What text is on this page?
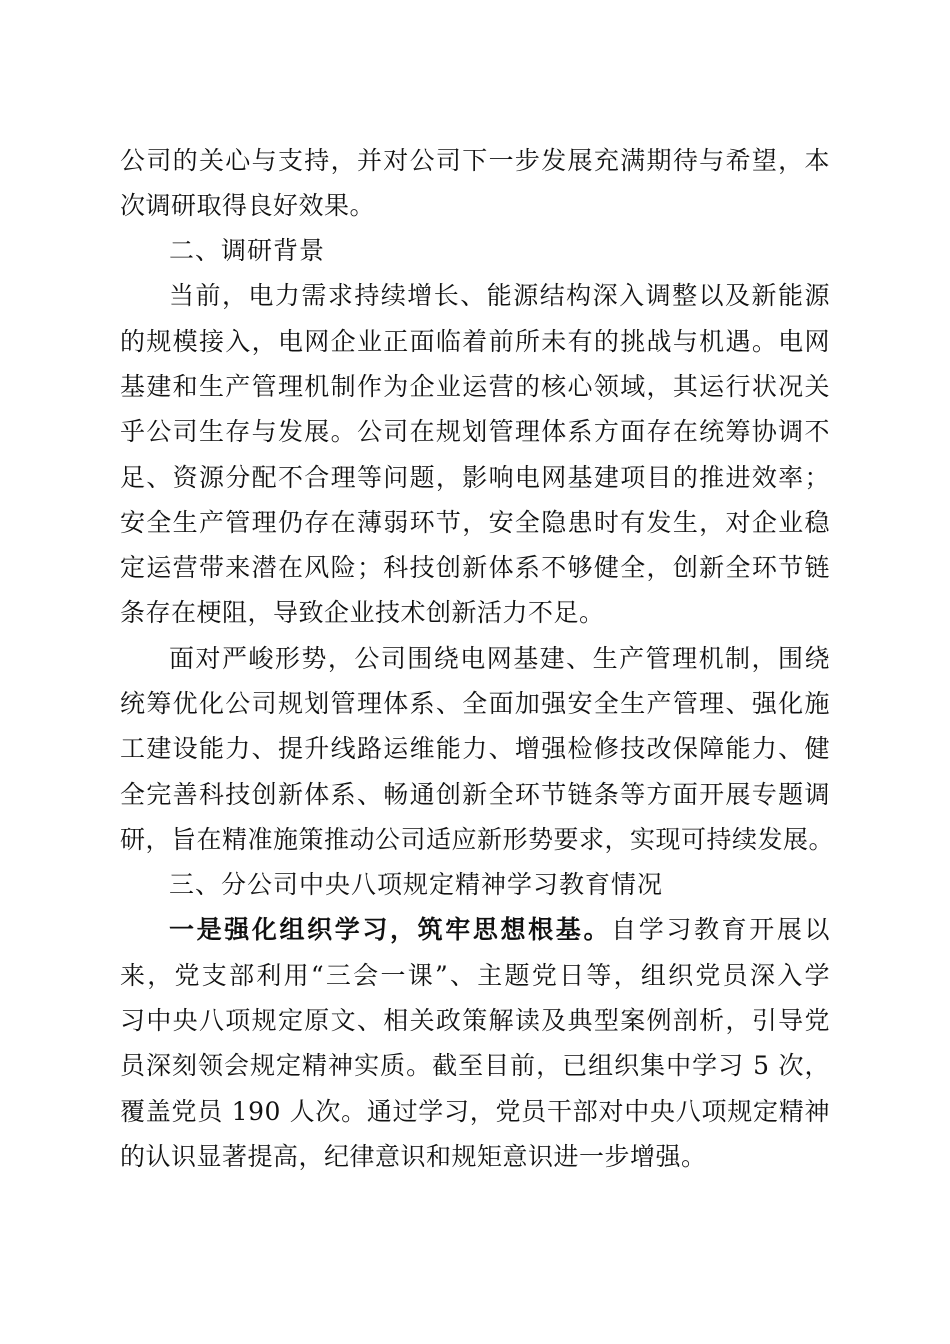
公司的关心与支持，并对公司下一步发展充满期待与希望，本
次调研取得良好效果。
二、调研背景
当前，电力需求持续增长、能源结构深入调整以及新能源
的规模接入，电网企业正面临着前所未有的挑战与机遇。电网
基建和生产管理机制作为企业运营的核心领域，其运行状况关
乎公司生存与发展。公司在规划管理体系方面存在统筹协调不
足、资源分配不合理等问题，影响电网基建项目的推进效率；
安全生产管理仍存在薄弱环节，安全隐患时有发生，对企业稳
定运营带来潜在风险；科技创新体系不够健全，创新全环节链
条存在梗阻，导致企业技术创新活力不足。
面对严峻形势，公司围绕电网基建、生产管理机制，围绕
统筹优化公司规划管理体系、全面加强安全生产管理、强化施
工建设能力、提升线路运维能力、增强检修技改保障能力、健
全完善科技创新体系、畅通创新全环节链条等方面开展专题调
研，旨在精准施策推动公司适应新形势要求，实现可持续发展。
三、分公司中央八项规定精神学习教育情况
一是强化组织学习，筑牢思想根基。自学习教育开展以
来，党支部利用“三会一课”、主题党日等，组织党员深入学
习中央八项规定原文、相关政策解读及典型案例剖析，引导党
员深刻领会规定精神实质。截至目前，已组织集中学习 5 次，
覆盖党员 190 人次。通过学习，党员干部对中央八项规定精神
的认识显著提高，纪律意识和规矩意识进一步增强。
